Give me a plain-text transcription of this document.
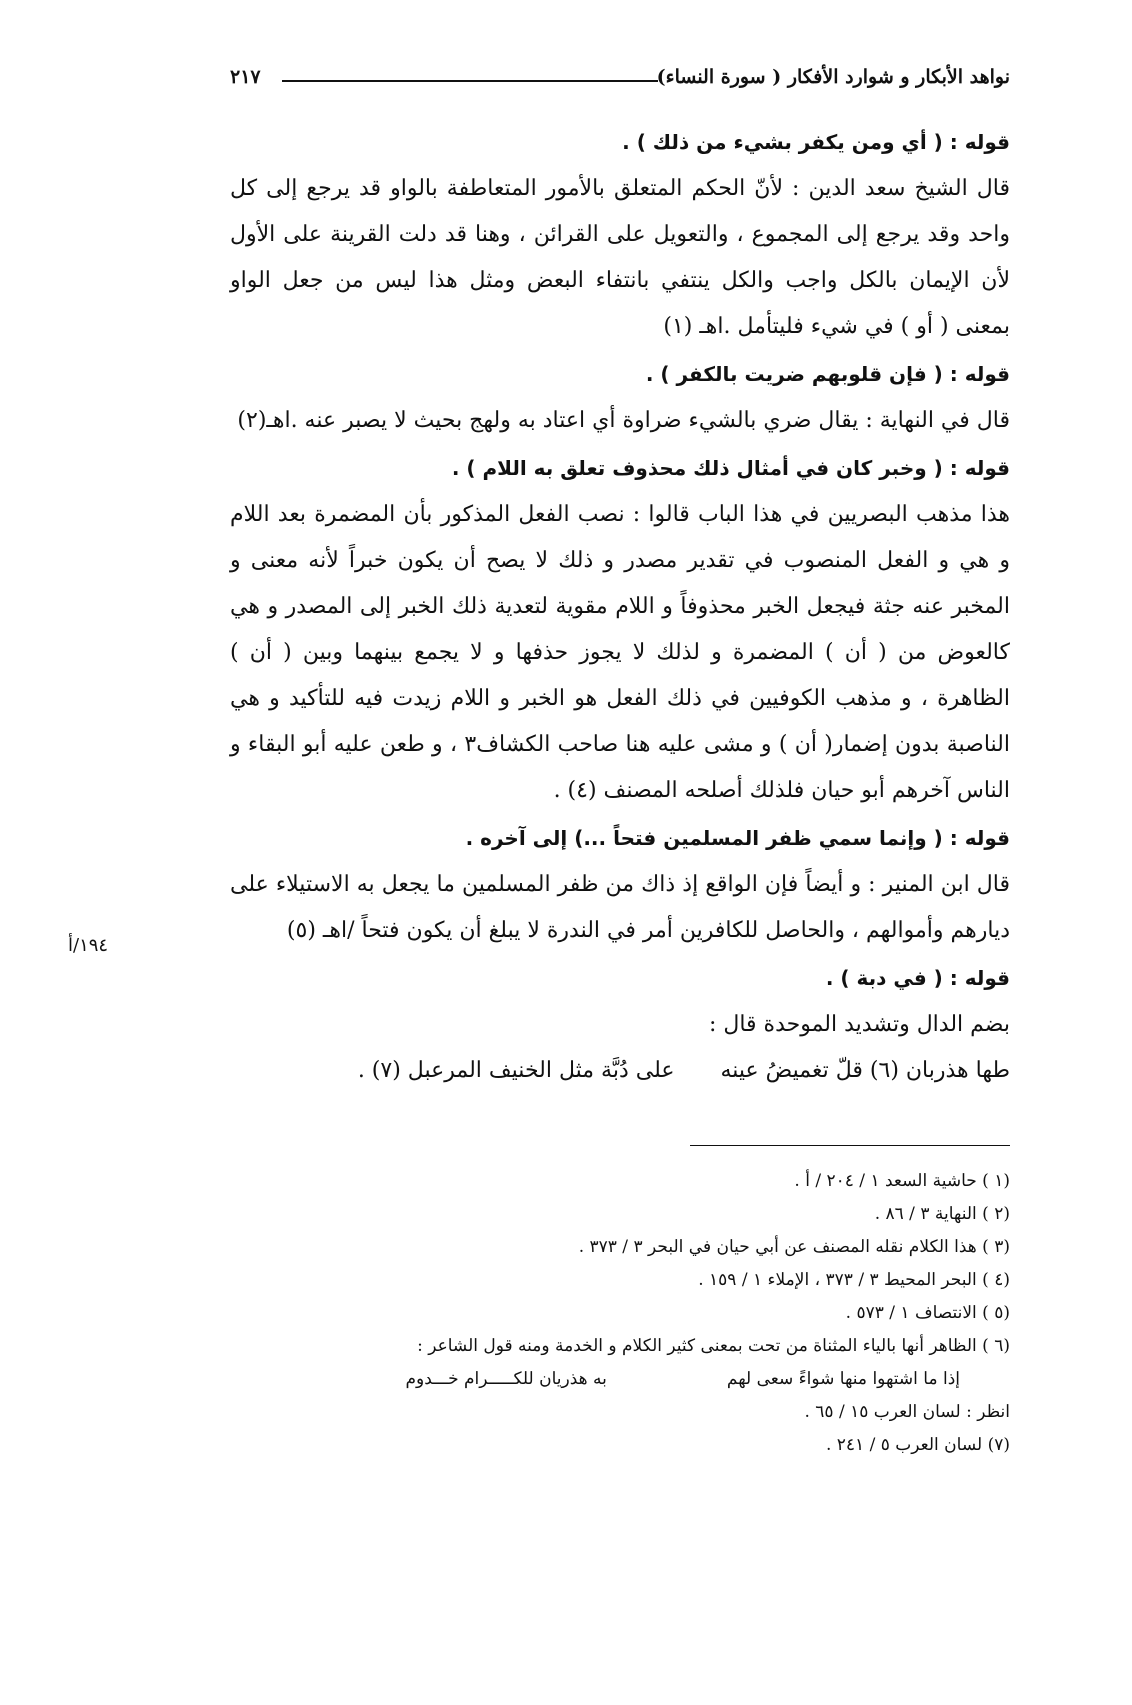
نواهد الأبكار و شوارد الأفكار ( سورة النساء)
٢١٧
١٩٤/أ
قوله : ( أي ومن يكفر بشيء من ذلك ) .

قال الشيخ سعد الدين : لأنّ الحكم المتعلق بالأمور المتعاطفة بالواو قد يرجع إلى كل واحد وقد يرجع إلى المجموع ، والتعويل على القرائن ، وهنا قد دلت القرينة على الأول لأن الإيمان بالكل واجب والكل ينتفي بانتفاء البعض ومثل هذا ليس من جعل الواو بمعنى ( أو ) في شيء فليتأمل .اهـ (١)

قوله : ( فإن قلوبهم ضريت بالكفر ) .

قال في النهاية : يقال ضري بالشيء ضراوة أي اعتاد به ولهج بحيث لا يصبر عنه .اهـ(٢)

قوله : ( وخبر كان في أمثال ذلك محذوف تعلق به اللام ) .

هذا مذهب البصريين في هذا الباب قالوا : نصب الفعل المذكور بأن المضمرة بعد اللام و هي و الفعل المنصوب في تقدير مصدر و ذلك لا يصح أن يكون خبراً لأنه معنى و المخبر عنه جثة فيجعل الخبر محذوفاً و اللام مقوية لتعدية ذلك الخبر إلى المصدر و هي كالعوض من ( أن ) المضمرة و لذلك لا يجوز حذفها و لا يجمع بينهما وبين ( أن ) الظاهرة ، و مذهب الكوفيين في ذلك الفعل هو الخبر و اللام زيدت فيه للتأكيد و هي الناصبة بدون إضمار( أن ) و مشى عليه هنا صاحب الكشاف٣ ، و طعن عليه أبو البقاء و الناس آخرهم أبو حيان فلذلك أصلحه المصنف (٤) .

قوله : ( وإنما سمي ظفر المسلمين فتحاً ...) إلى آخره .

قال ابن المنير : و أيضاً فإن الواقع إذ ذاك من ظفر المسلمين ما يجعل به الاستيلاء على ديارهم وأموالهم ، والحاصل للكافرين أمر في الندرة لا يبلغ أن يكون فتحاً /اهـ (٥)

قوله : ( في دبة ) .

بضم الدال وتشديد الموحدة قال :

طها هذربان (٦) قلّ تغميضُ عينه
على دُبَّة مثل الخنيف المرعبل (٧) .
(١ ) حاشية السعد ١ / ٢٠٤ / أ .
(٢ ) النهاية ٣ / ٨٦ .
(٣ ) هذا الكلام نقله المصنف عن أبي حيان في البحر ٣ / ٣٧٣ .
(٤ ) البحر المحيط ٣ / ٣٧٣ ، الإملاء ١ / ١٥٩ .
(٥ ) الانتصاف ١ / ٥٧٣ .
(٦ ) الظاهر أنها بالياء المثناة من تحت بمعنى كثير الكلام و الخدمة ومنه قول الشاعر :
إذا ما اشتهوا منها شواءً سعى لهم
به هذريان للكـــــرام خـــدوم
انظر : لسان العرب ١٥ / ٦٥ .
(٧) لسان العرب ٥ / ٢٤١ .
